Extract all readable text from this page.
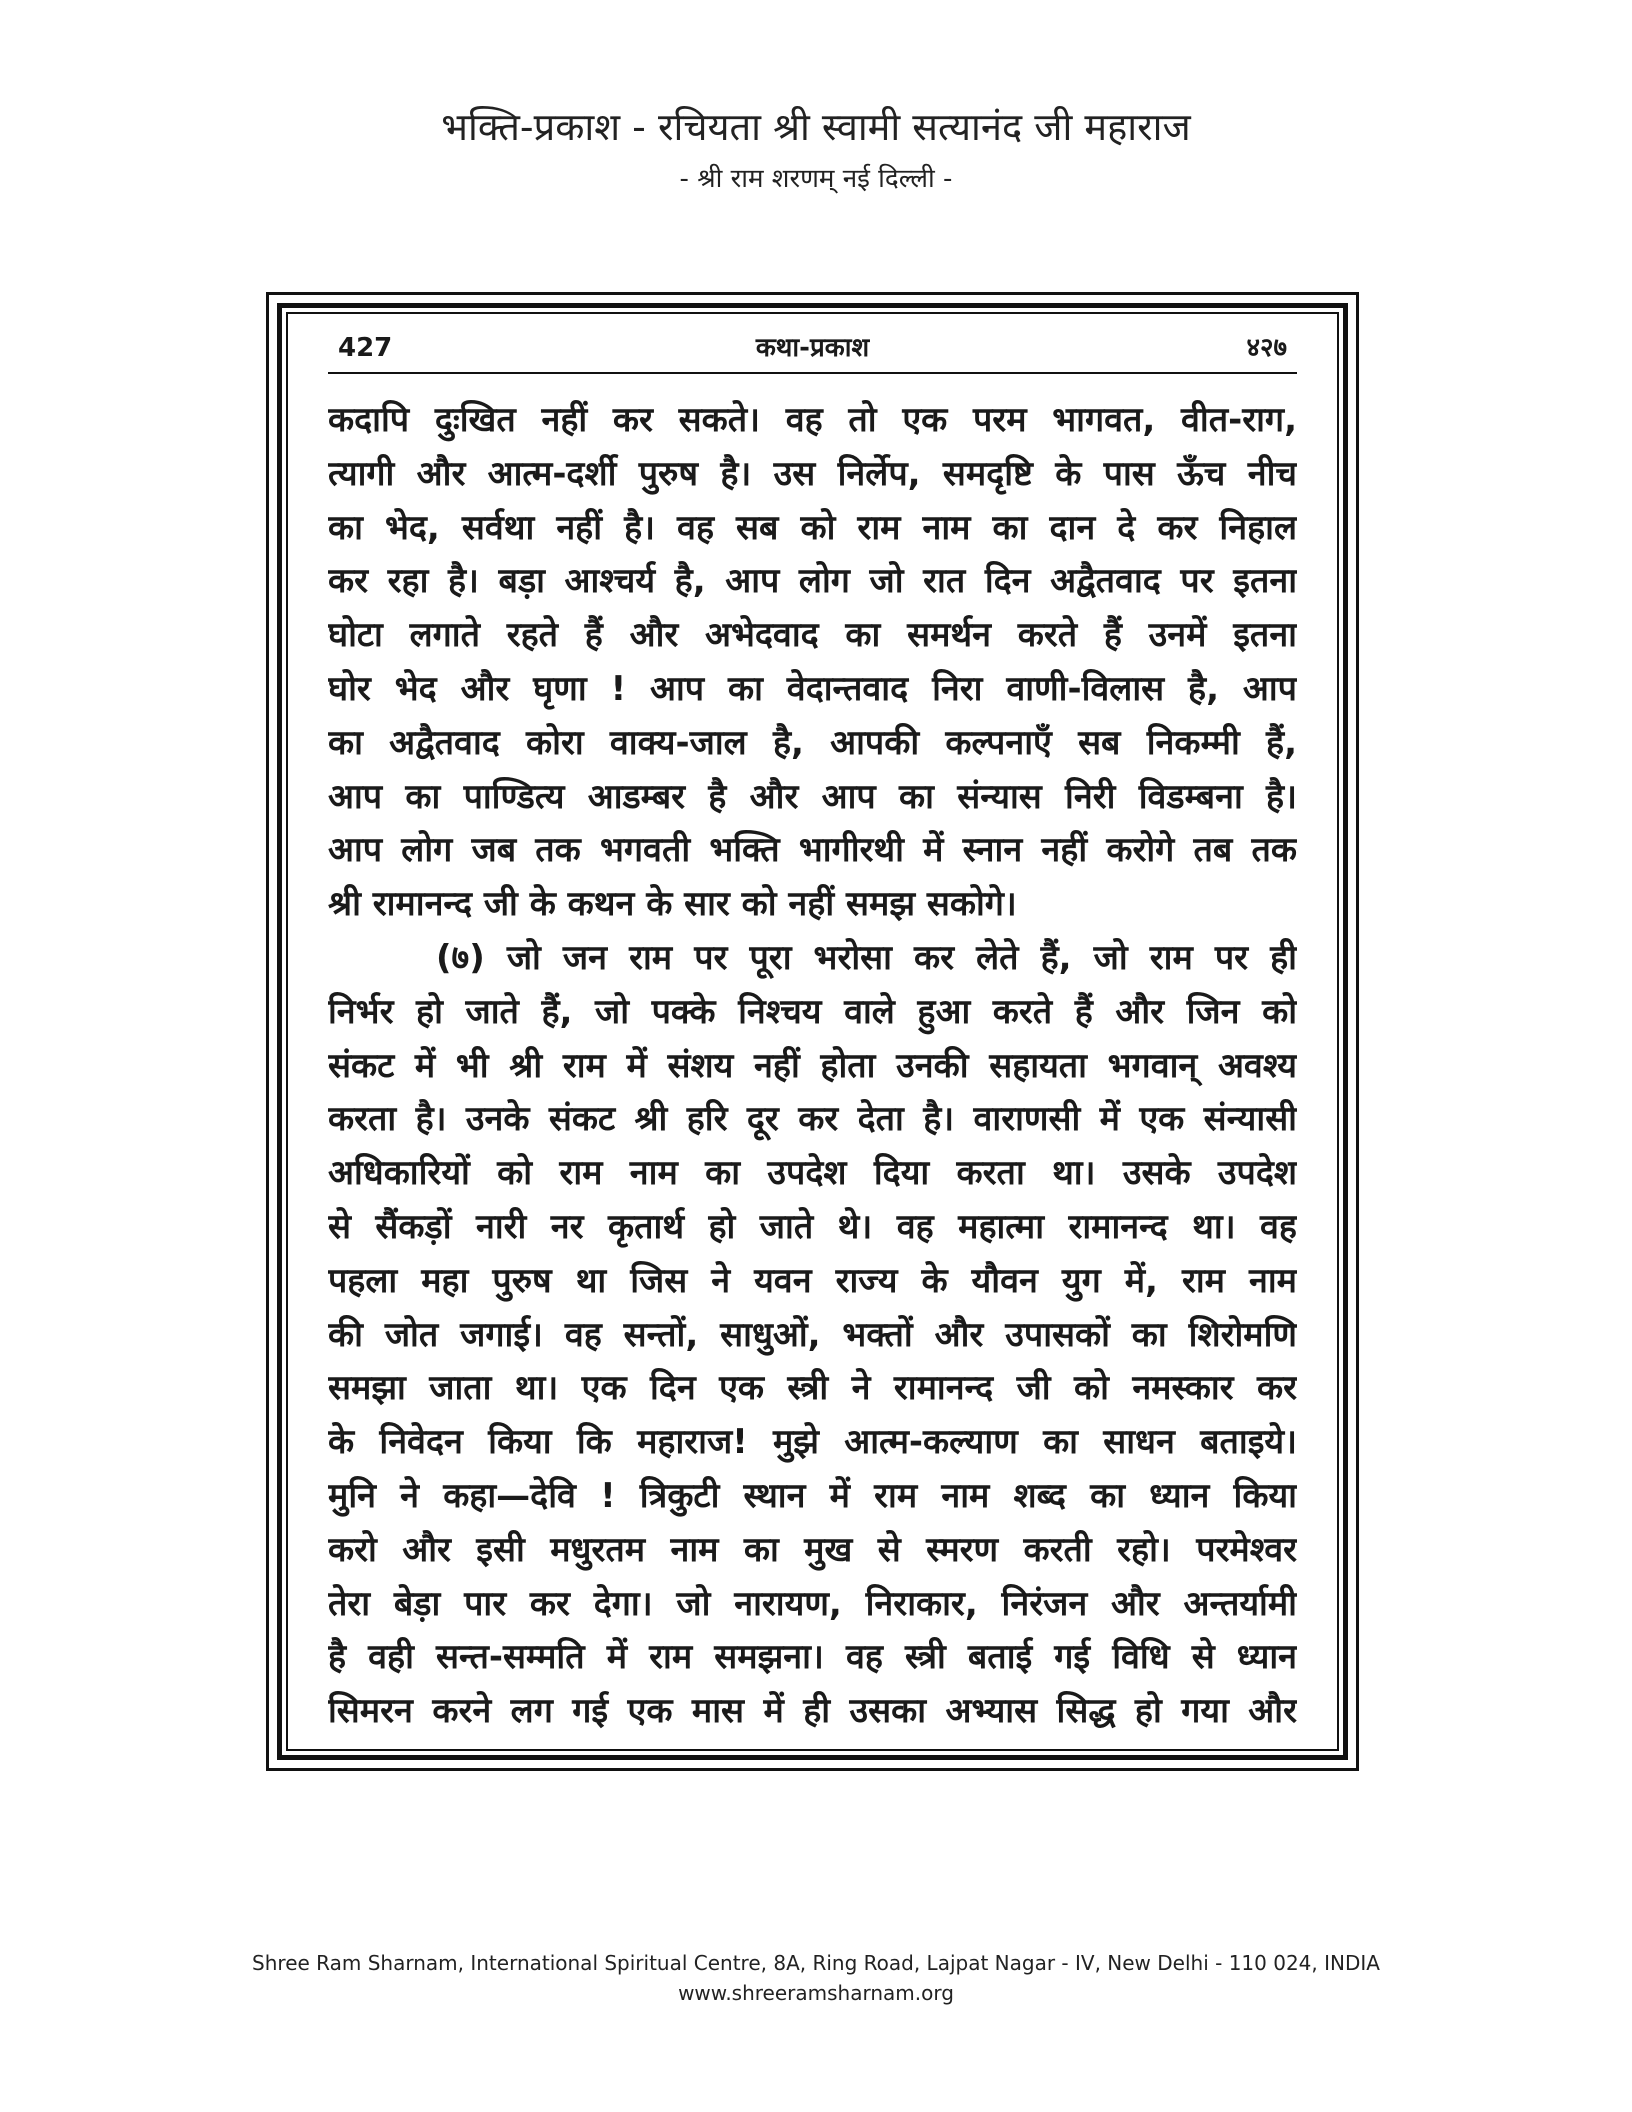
भक्ति-प्रकाश - रचियता श्री स्वामी सत्यानंद जी महाराज
- श्री राम शरणम् नई दिल्ली -
427	कथा-प्रकाश	४२७
कदापि दुःखित नहीं कर सकते। वह तो एक परम भागवत, वीत-राग,
त्यागी और आत्म-दर्शी पुरुष है। उस निर्लेप, समदृष्टि के पास ऊँच नीच
का भेद, सर्वथा नहीं है। वह सब को राम नाम का दान दे कर निहाल
कर रहा है। बड़ा आश्चर्य है, आप लोग जो रात दिन अद्वैतवाद पर इतना
घोटा लगाते रहते हैं और अभेदवाद का समर्थन करते हैं उनमें इतना
घोर भेद और घृणा ! आप का वेदान्तवाद निरा वाणी-विलास है, आप
का अद्वैतवाद कोरा वाक्य-जाल है, आपकी कल्पनाएँ सब निकम्मी हैं,
आप का पाण्डित्य आडम्बर है और आप का संन्यास निरी विडम्बना है।
आप लोग जब तक भगवती भक्ति भागीरथी में स्नान नहीं करोगे तब तक
श्री रामानन्द जी के कथन के सार को नहीं समझ सकोगे।
(७) जो जन राम पर पूरा भरोसा कर लेते हैं, जो राम पर ही
निर्भर हो जाते हैं, जो पक्के निश्चय वाले हुआ करते हैं और जिन को
संकट में भी श्री राम में संशय नहीं होता उनकी सहायता भगवान् अवश्य
करता है। उनके संकट श्री हरि दूर कर देता है। वाराणसी में एक संन्यासी
अधिकारियों को राम नाम का उपदेश दिया करता था। उसके उपदेश
से सैंकड़ों नारी नर कृतार्थ हो जाते थे। वह महात्मा रामानन्द था। वह
पहला महा पुरुष था जिस ने यवन राज्य के यौवन युग में, राम नाम
की जोत जगाई। वह सन्तों, साधुओं, भक्तों और उपासकों का शिरोमणि
समझा जाता था। एक दिन एक स्त्री ने रामानन्द जी को नमस्कार कर
के निवेदन किया कि महाराज! मुझे आत्म-कल्याण का साधन बताइये।
मुनि ने कहा—देवि ! त्रिकुटी स्थान में राम नाम शब्द का ध्यान किया
करो और इसी मधुरतम नाम का मुख से स्मरण करती रहो। परमेश्वर
तेरा बेड़ा पार कर देगा। जो नारायण, निराकार, निरंजन और अन्तर्यामी
है वही सन्त-सम्मति में राम समझना। वह स्त्री बताई गई विधि से ध्यान
सिमरन करने लग गई एक मास में ही उसका अभ्यास सिद्ध हो गया और
Shree Ram Sharnam, International Spiritual Centre, 8A, Ring Road, Lajpat Nagar - IV, New Delhi - 110 024, INDIA
www.shreeramsharnam.org
